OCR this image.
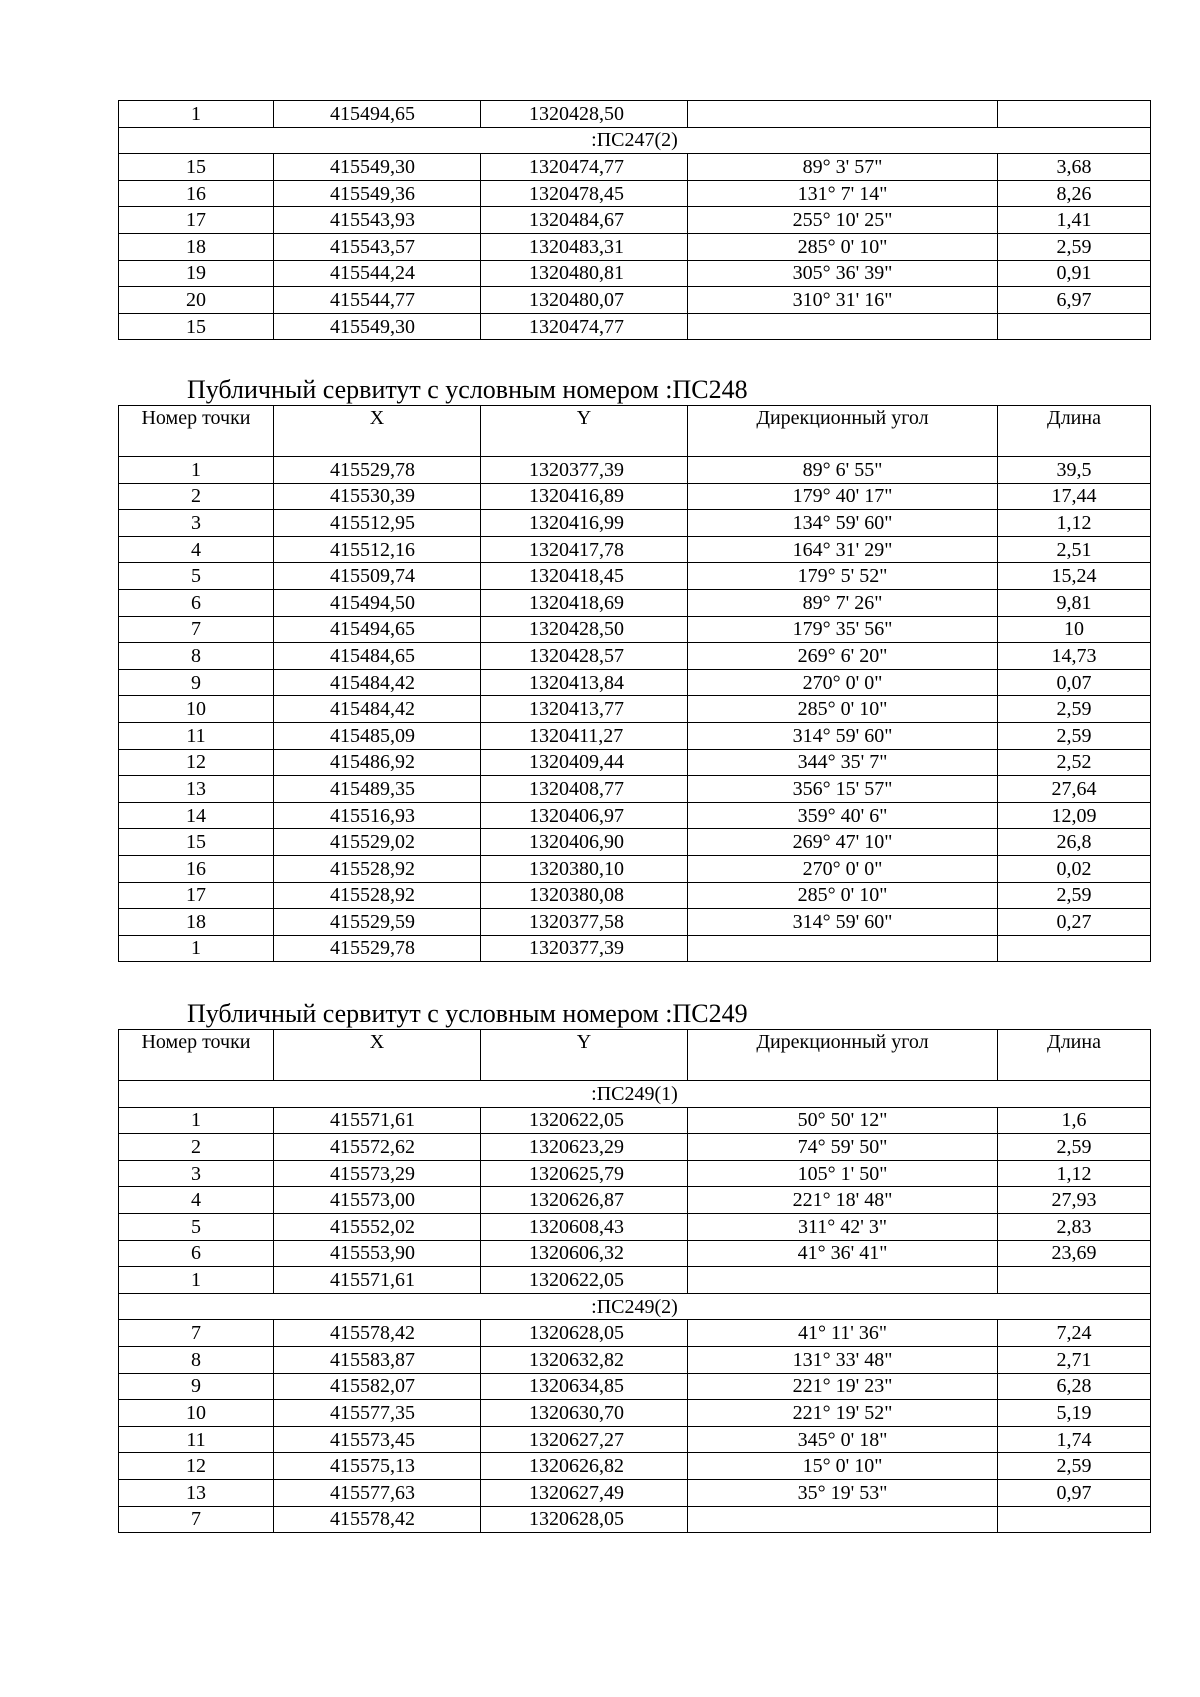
1	415494,65	1320428,50		
:ПС247(2)				
15	415549,30	1320474,77	89° 3' 57"	3,68
16	415549,36	1320478,45	131° 7' 14"	8,26
17	415543,93	1320484,67	255° 10' 25"	1,41
18	415543,57	1320483,31	285° 0' 10"	2,59
19	415544,24	1320480,81	305° 36' 39"	0,91
20	415544,77	1320480,07	310° 31' 16"	6,97
15	415549,30	1320474,77		
Публичный сервитут с условным номером :ПС248
Номер точки	X	Y	Дирекционный угол	Длина
1	415529,78	1320377,39	89° 6' 55"	39,5
2	415530,39	1320416,89	179° 40' 17"	17,44
3	415512,95	1320416,99	134° 59' 60"	1,12
4	415512,16	1320417,78	164° 31' 29"	2,51
5	415509,74	1320418,45	179° 5' 52"	15,24
6	415494,50	1320418,69	89° 7' 26"	9,81
7	415494,65	1320428,50	179° 35' 56"	10
8	415484,65	1320428,57	269° 6' 20"	14,73
9	415484,42	1320413,84	270° 0' 0"	0,07
10	415484,42	1320413,77	285° 0' 10"	2,59
11	415485,09	1320411,27	314° 59' 60"	2,59
12	415486,92	1320409,44	344° 35' 7"	2,52
13	415489,35	1320408,77	356° 15' 57"	27,64
14	415516,93	1320406,97	359° 40' 6"	12,09
15	415529,02	1320406,90	269° 47' 10"	26,8
16	415528,92	1320380,10	270° 0' 0"	0,02
17	415528,92	1320380,08	285° 0' 10"	2,59
18	415529,59	1320377,58	314° 59' 60"	0,27
1	415529,78	1320377,39		
Публичный сервитут с условным номером :ПС249
Номер точки	X	Y	Дирекционный угол	Длина
:ПС249(1)				
1	415571,61	1320622,05	50° 50' 12"	1,6
2	415572,62	1320623,29	74° 59' 50"	2,59
3	415573,29	1320625,79	105° 1' 50"	1,12
4	415573,00	1320626,87	221° 18' 48"	27,93
5	415552,02	1320608,43	311° 42' 3"	2,83
6	415553,90	1320606,32	41° 36' 41"	23,69
1	415571,61	1320622,05		
:ПС249(2)				
7	415578,42	1320628,05	41° 11' 36"	7,24
8	415583,87	1320632,82	131° 33' 48"	2,71
9	415582,07	1320634,85	221° 19' 23"	6,28
10	415577,35	1320630,70	221° 19' 52"	5,19
11	415573,45	1320627,27	345° 0' 18"	1,74
12	415575,13	1320626,82	15° 0' 10"	2,59
13	415577,63	1320627,49	35° 19' 53"	0,97
7	415578,42	1320628,05		
